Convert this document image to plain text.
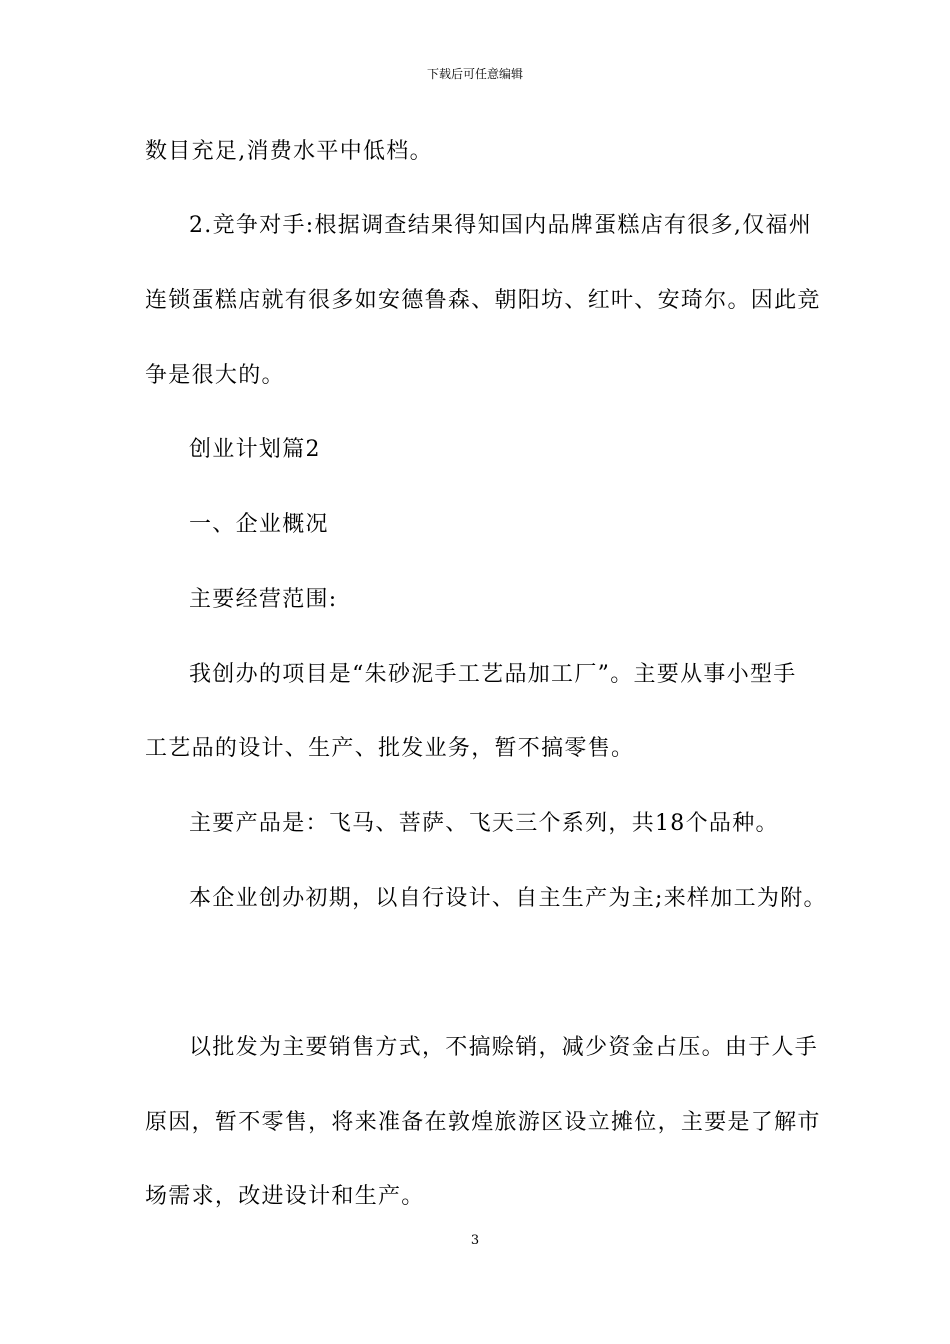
下载后可任意编辑
数目充足,消费水平中低档。
2.竞争对手:根据调查结果得知国内品牌蛋糕店有很多,仅福州
连锁蛋糕店就有很多如安德鲁森、朝阳坊、红叶、安琦尔。因此竞
争是很大的。
创业计划篇2
一、企业概况
主要经营范围:
我创办的项目是“朱砂泥手工艺品加工厂”。主要从事小型手
工艺品的设计、生产、批发业务，暂不搞零售。
主要产品是：飞马、菩萨、飞天三个系列，共18个品种。
本企业创办初期，以自行设计、自主生产为主;来样加工为附。
以批发为主要销售方式，不搞赊销，减少资金占压。由于人手
原因，暂不零售，将来准备在敦煌旅游区设立摊位，主要是了解市
场需求，改进设计和生产。
3
